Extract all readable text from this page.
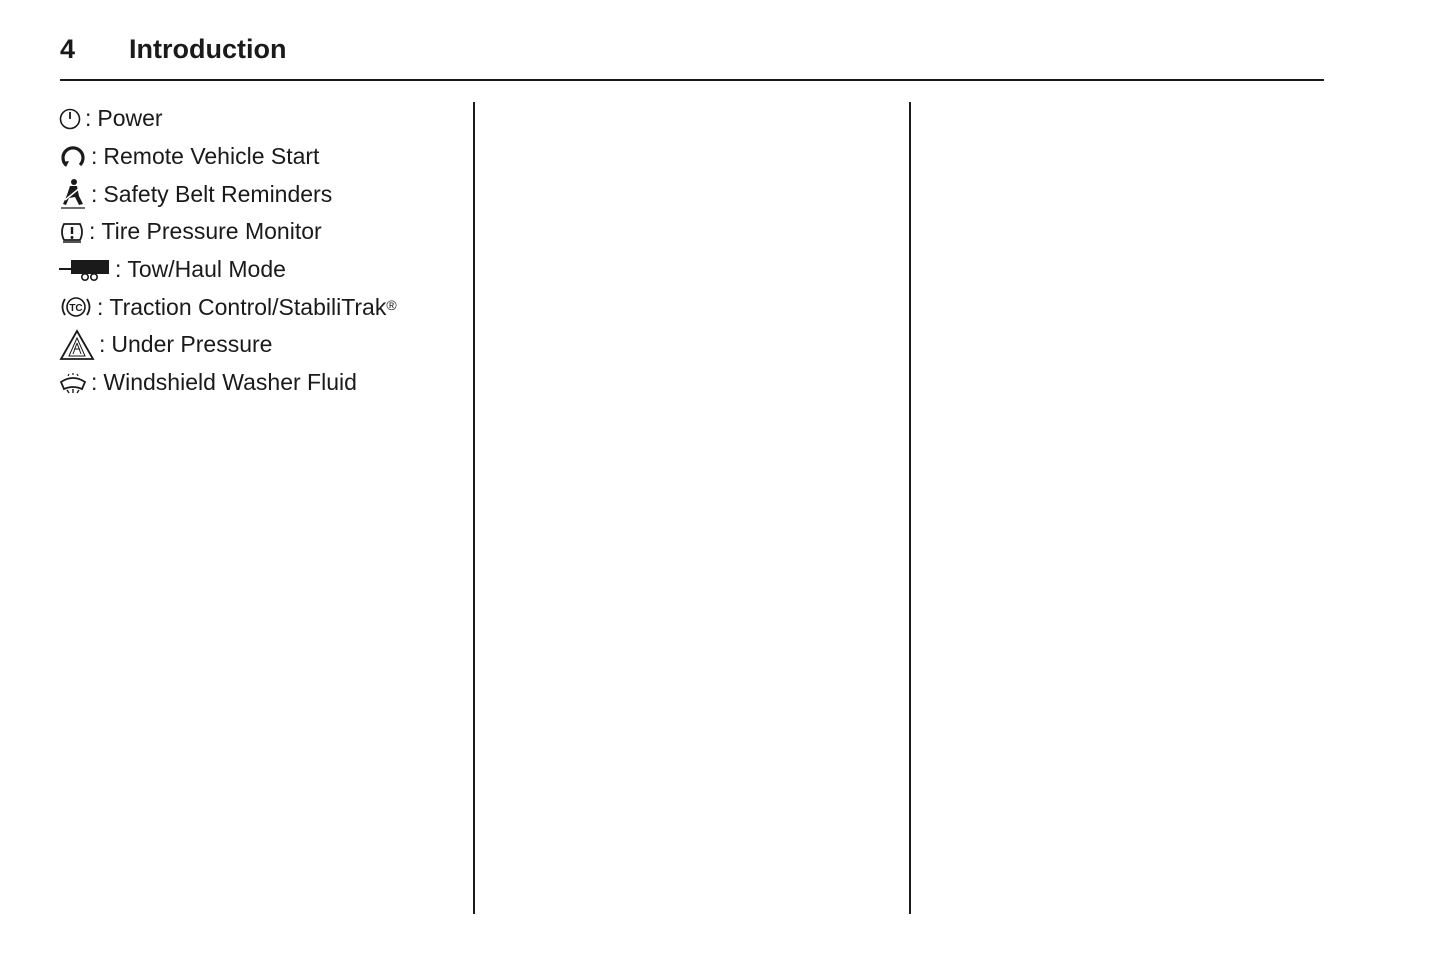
4 Introduction
: Power
: Remote Vehicle Start
: Safety Belt Reminders
: Tire Pressure Monitor
: Tow/Haul Mode
TC : Traction Control/StabiliTrak®
: Under Pressure
: Windshield Washer Fluid
